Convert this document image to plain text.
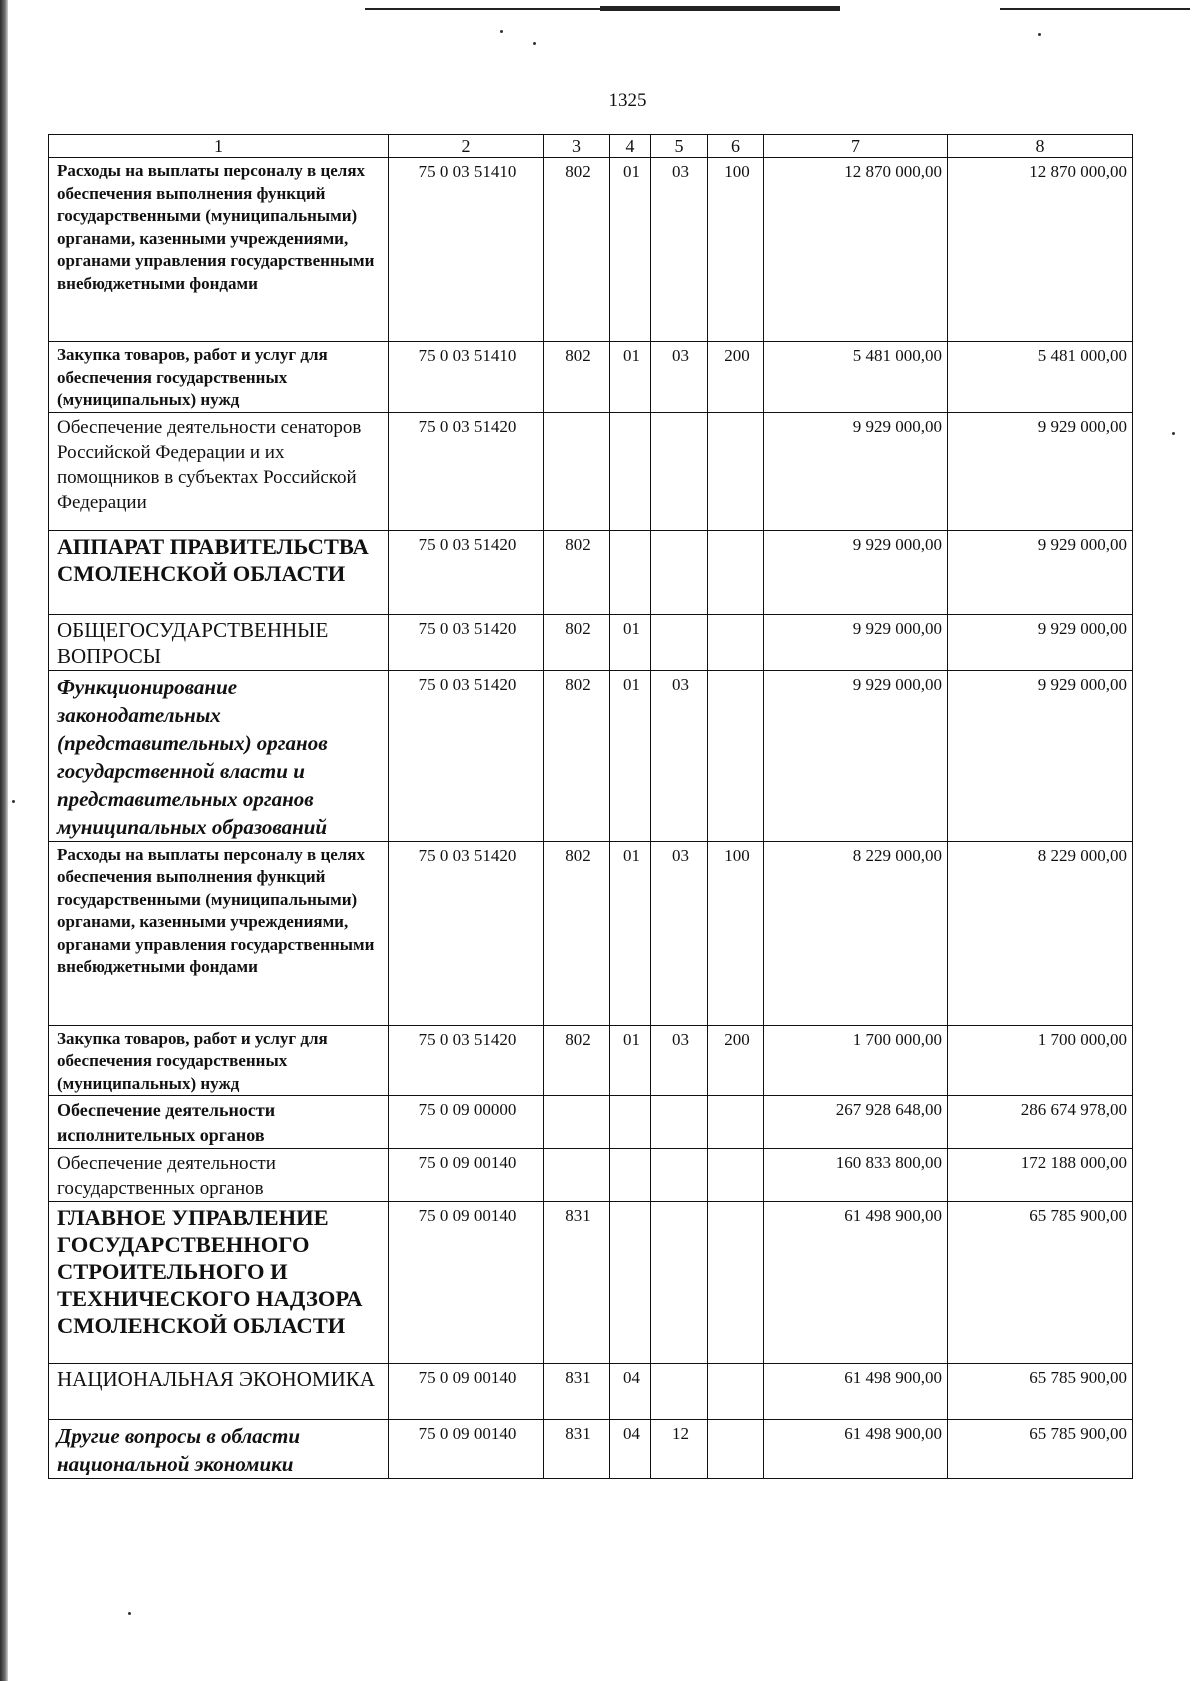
1325
1	2	3	4	5	6	7	8
Расходы на выплаты персоналу в целях обеспечения выполнения функций государственными (муниципальными) органами, казенными учреждениями, органами управления государственными внебюджетными фондами	75 0 03 51410	802	01	03	100	12 870 000,00	12 870 000,00
Закупка товаров, работ и услуг для обеспечения государственных (муниципальных) нужд	75 0 03 51410	802	01	03	200	5 481 000,00	5 481 000,00
Обеспечение деятельности сенаторов Российской Федерации и их помощников в субъектах Российской Федерации	75 0 03 51420					9 929 000,00	9 929 000,00
АППАРАТ ПРАВИТЕЛЬСТВА СМОЛЕНСКОЙ ОБЛАСТИ	75 0 03 51420	802				9 929 000,00	9 929 000,00
ОБЩЕГОСУДАРСТВЕННЫЕ ВОПРОСЫ	75 0 03 51420	802	01			9 929 000,00	9 929 000,00
Функционирование законодательных (представительных) органов государственной власти и представительных органов муниципальных образований	75 0 03 51420	802	01	03		9 929 000,00	9 929 000,00
Расходы на выплаты персоналу в целях обеспечения выполнения функций государственными (муниципальными) органами, казенными учреждениями, органами управления государственными внебюджетными фондами	75 0 03 51420	802	01	03	100	8 229 000,00	8 229 000,00
Закупка товаров, работ и услуг для обеспечения государственных (муниципальных) нужд	75 0 03 51420	802	01	03	200	1 700 000,00	1 700 000,00
Обеспечение деятельности исполнительных органов	75 0 09 00000					267 928 648,00	286 674 978,00
Обеспечение деятельности государственных органов	75 0 09 00140					160 833 800,00	172 188 000,00
ГЛАВНОЕ УПРАВЛЕНИЕ ГОСУДАРСТВЕННОГО СТРОИТЕЛЬНОГО И ТЕХНИЧЕСКОГО НАДЗОРА СМОЛЕНСКОЙ ОБЛАСТИ	75 0 09 00140	831				61 498 900,00	65 785 900,00
НАЦИОНАЛЬНАЯ ЭКОНОМИКА	75 0 09 00140	831	04			61 498 900,00	65 785 900,00
Другие вопросы в области национальной экономики	75 0 09 00140	831	04	12		61 498 900,00	65 785 900,00
